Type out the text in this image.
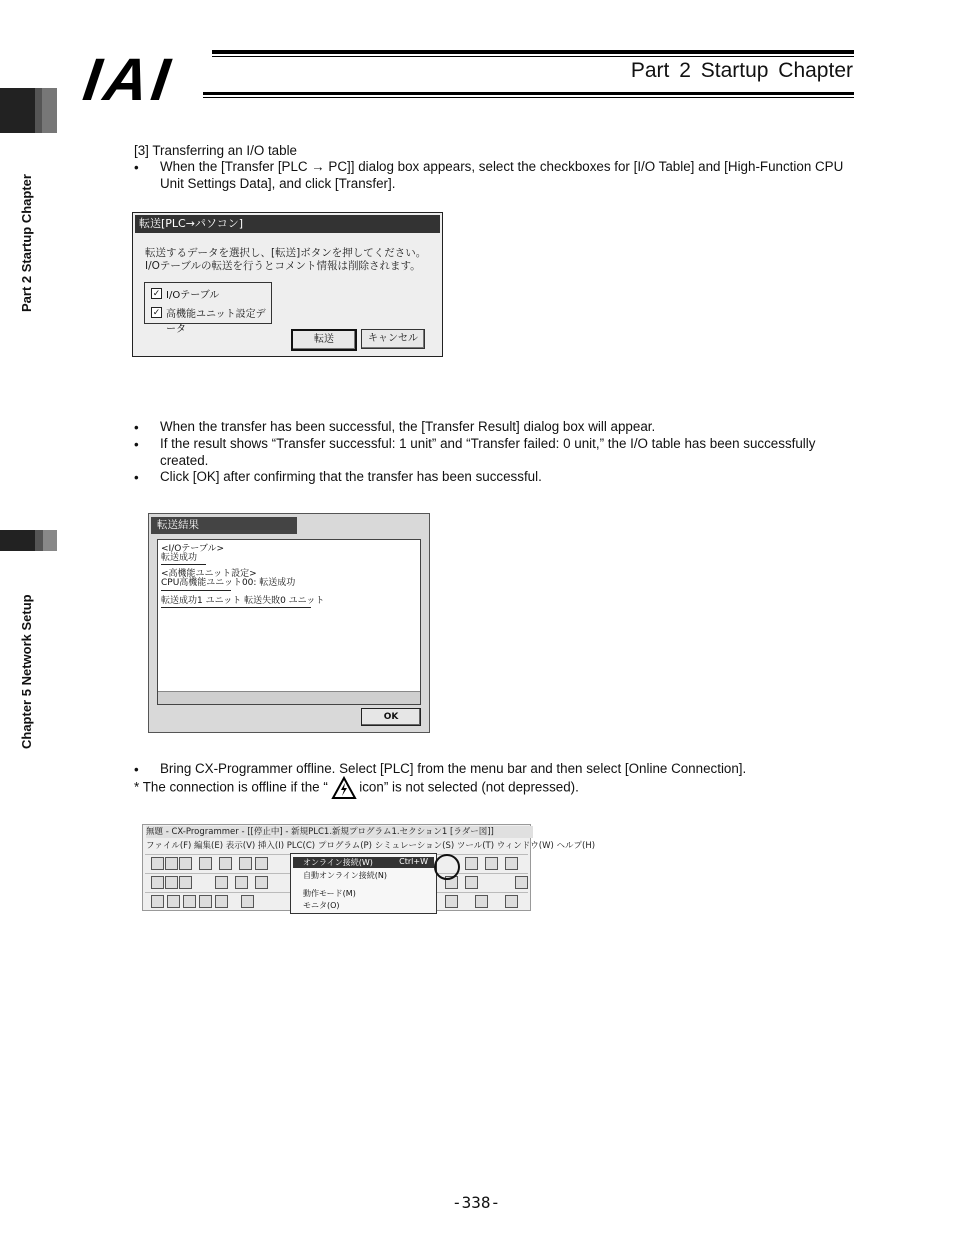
IAI	Part 2 Startup Chapter
Part 2 Startup Chapter
Chapter 5 Network Setup
[3] Transferring an I/O table
• When the [Transfer [PLC → PC]] dialog box appears, select the checkboxes for [I/O Table] and [High-Function CPU Unit Settings Data], and click [Transfer].
転送[PLC→パソコン]
転送するデータを選択し、[転送]ボタンを押してください。
I/Oテーブルの転送を行うとコメント情報は削除されます。
✓ I/Oテーブル
✓ 高機能ユニット設定データ
転送	キャンセル
• When the transfer has been successful, the [Transfer Result] dialog box will appear.
• If the result shows “Transfer successful: 1 unit” and “Transfer failed: 0 unit,” the I/O table has been successfully created.
• Click [OK] after confirming that the transfer has been successful.
転送結果
<I/Oテーブル>
転送成功
<高機能ユニット設定>
CPU高機能ユニット00: 転送成功
転送成功1 ユニット 転送失敗0 ユニット
OK
• Bring CX-Programmer offline. Select [PLC] from the menu bar and then select [Online Connection].
* The connection is offline if the “  icon” is not selected (not depressed).
無題 - CX-Programmer - [[停止中] - 新規PLC1.新規プログラム1.セクション1 [ラダー図]]
ファイル(F) 編集(E) 表示(V) 挿入(I) PLC(C) プログラム(P) シミュレーション(S) ツール(T) ウィンドウ(W) ヘルプ(H)
オンライン接続(W)	Ctrl+W
自動オンライン接続(N)
動作モード(M)
モニタ(O)
-338-
